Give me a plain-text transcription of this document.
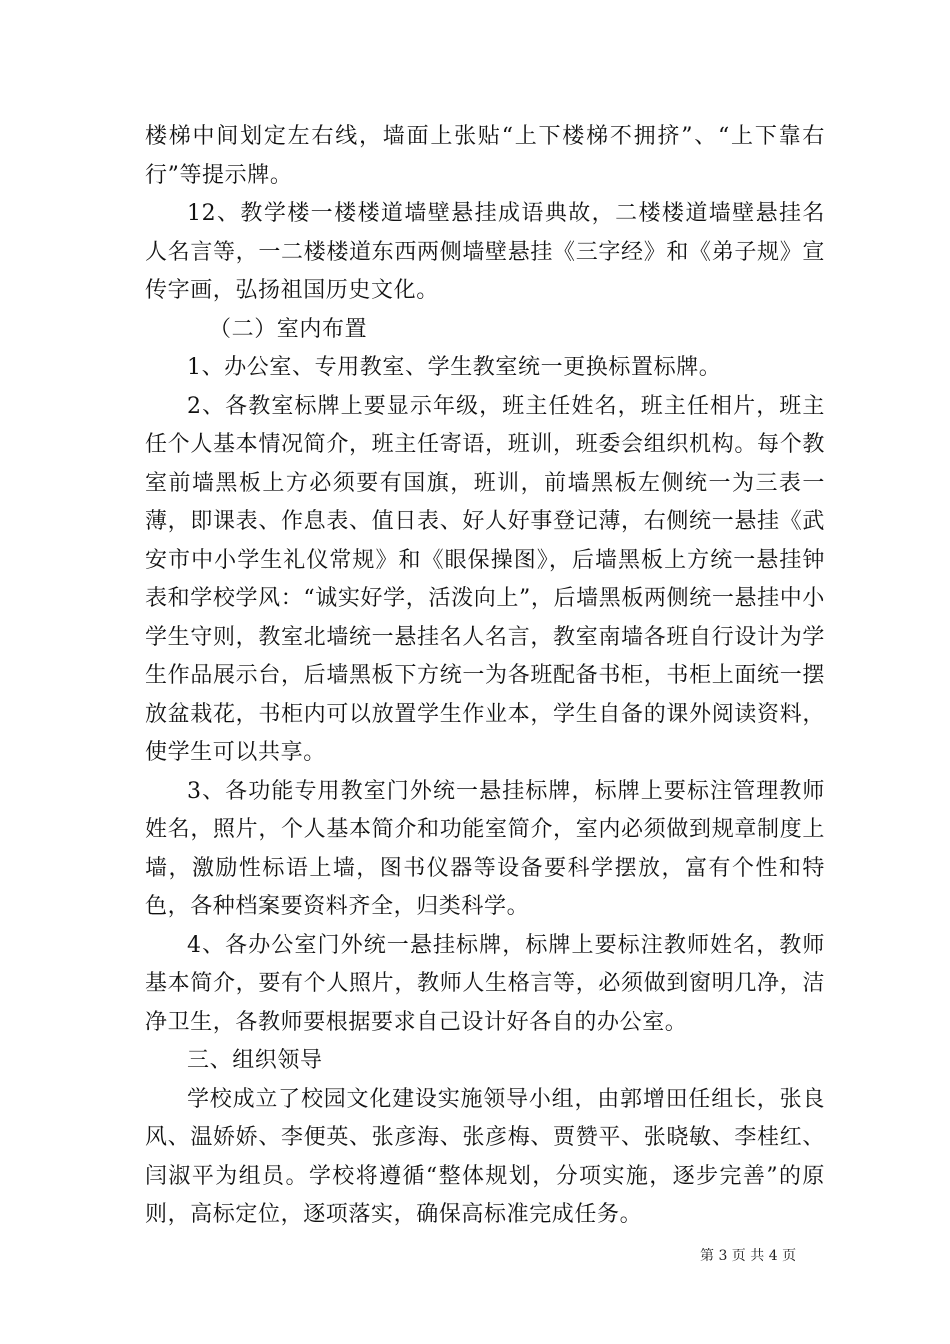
楼梯中间划定左右线，墙面上张贴“上下楼梯不拥挤”、“上下靠右行”等提示牌。

12、教学楼一楼楼道墙壁悬挂成语典故，二楼楼道墙壁悬挂名人名言等，一二楼楼道东西两侧墙壁悬挂《三字经》和《弟子规》宣传字画，弘扬祖国历史文化。

（二）室内布置

1、办公室、专用教室、学生教室统一更换标置标牌。

2、各教室标牌上要显示年级，班主任姓名，班主任相片，班主任个人基本情况简介，班主任寄语，班训，班委会组织机构。每个教室前墙黑板上方必须要有国旗，班训，前墙黑板左侧统一为三表一薄，即课表、作息表、值日表、好人好事登记薄，右侧统一悬挂《武安市中小学生礼仪常规》和《眼保操图》，后墙黑板上方统一悬挂钟表和学校学风：“诚实好学，活泼向上”，后墙黑板两侧统一悬挂中小学生守则，教室北墙统一悬挂名人名言，教室南墙各班自行设计为学生作品展示台，后墙黑板下方统一为各班配备书柜，书柜上面统一摆放盆栽花，书柜内可以放置学生作业本，学生自备的课外阅读资料，使学生可以共享。

3、各功能专用教室门外统一悬挂标牌，标牌上要标注管理教师姓名，照片，个人基本简介和功能室简介，室内必须做到规章制度上墙，激励性标语上墙，图书仪器等设备要科学摆放，富有个性和特色，各种档案要资料齐全，归类科学。

4、各办公室门外统一悬挂标牌，标牌上要标注教师姓名，教师基本简介，要有个人照片，教师人生格言等，必须做到窗明几净，洁净卫生，各教师要根据要求自己设计好各自的办公室。

三、组织领导

学校成立了校园文化建设实施领导小组，由郭增田任组长，张良风、温娇娇、李便英、张彦海、张彦梅、贾赞平、张晓敏、李桂红、闫淑平为组员。学校将遵循“整体规划，分项实施，逐步完善”的原则，高标定位，逐项落实，确保高标准完成任务。

第 3 页 共 4 页
